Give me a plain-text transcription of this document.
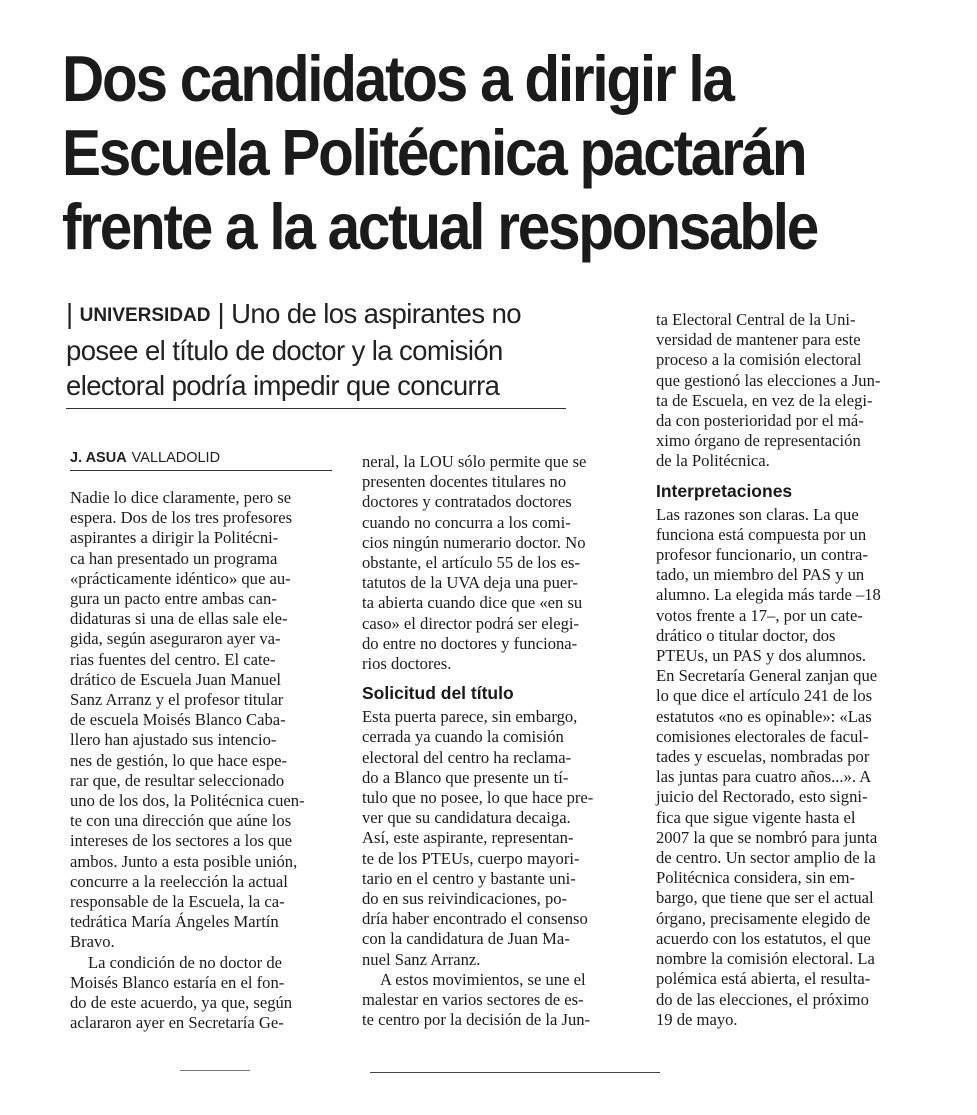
Dos candidatos a dirigir la
Escuela Politécnica pactarán
frente a la actual responsable
| UNIVERSIDAD | Uno de los aspirantes no
posee el título de doctor y la comisión
electoral podría impedir que concurra
J. ASUA VALLADOLID

Nadie lo dice claramente, pero se
espera. Dos de los tres profesores
aspirantes a dirigir la Politécni-
ca han presentado un programa
«prácticamente idéntico» que au-
gura un pacto entre ambas can-
didaturas si una de ellas sale ele-
gida, según aseguraron ayer va-
rias fuentes del centro. El cate-
drático de Escuela Juan Manuel
Sanz Arranz y el profesor titular
de escuela Moisés Blanco Caba-
llero han ajustado sus intencio-
nes de gestión, lo que hace espe-
rar que, de resultar seleccionado
uno de los dos, la Politécnica cuen-
te con una dirección que aúne los
intereses de los sectores a los que
ambos. Junto a esta posible unión,
concurre a la reelección la actual
responsable de la Escuela, la ca-
tedrática María Ángeles Martín
Bravo.

La condición de no doctor de
Moisés Blanco estaría en el fon-
do de este acuerdo, ya que, según
aclararon ayer en Secretaría Ge-

neral, la LOU sólo permite que se
presenten docentes titulares no
doctores y contratados doctores
cuando no concurra a los comi-
cios ningún numerario doctor. No
obstante, el artículo 55 de los es-
tatutos de la UVA deja una puer-
ta abierta cuando dice que «en su
caso» el director podrá ser elegi-
do entre no doctores y funciona-
rios doctores.

Solicitud del título

Esta puerta parece, sin embargo,
cerrada ya cuando la comisión
electoral del centro ha reclama-
do a Blanco que presente un tí-
tulo que no posee, lo que hace pre-
ver que su candidatura decaiga.
Así, este aspirante, representan-
te de los PTEUs, cuerpo mayori-
tario en el centro y bastante uni-
do en sus reivindicaciones, po-
dría haber encontrado el consenso
con la candidatura de Juan Ma-
nuel Sanz Arranz.

A estos movimientos, se une el
malestar en varios sectores de es-
te centro por la decisión de la Jun-

ta Electoral Central de la Uni-
versidad de mantener para este
proceso a la comisión electoral
que gestionó las elecciones a Jun-
ta de Escuela, en vez de la elegi-
da con posterioridad por el má-
ximo órgano de representación
de la Politécnica.

Interpretaciones

Las razones son claras. La que
funciona está compuesta por un
profesor funcionario, un contra-
tado, un miembro del PAS y un
alumno. La elegida más tarde –18
votos frente a 17–, por un cate-
drático o titular doctor, dos
PTEUs, un PAS y dos alumnos.
En Secretaría General zanjan que
lo que dice el artículo 241 de los
estatutos «no es opinable»: «Las
comisiones electorales de facul-
tades y escuelas, nombradas por
las juntas para cuatro años...». A
juicio del Rectorado, esto signi-
fica que sigue vigente hasta el
2007 la que se nombró para junta
de centro. Un sector amplio de la
Politécnica considera, sin em-
bargo, que tiene que ser el actual
órgano, precisamente elegido de
acuerdo con los estatutos, el que
nombre la comisión electoral. La
polémica está abierta, el resulta-
do de las elecciones, el próximo
19 de mayo.
